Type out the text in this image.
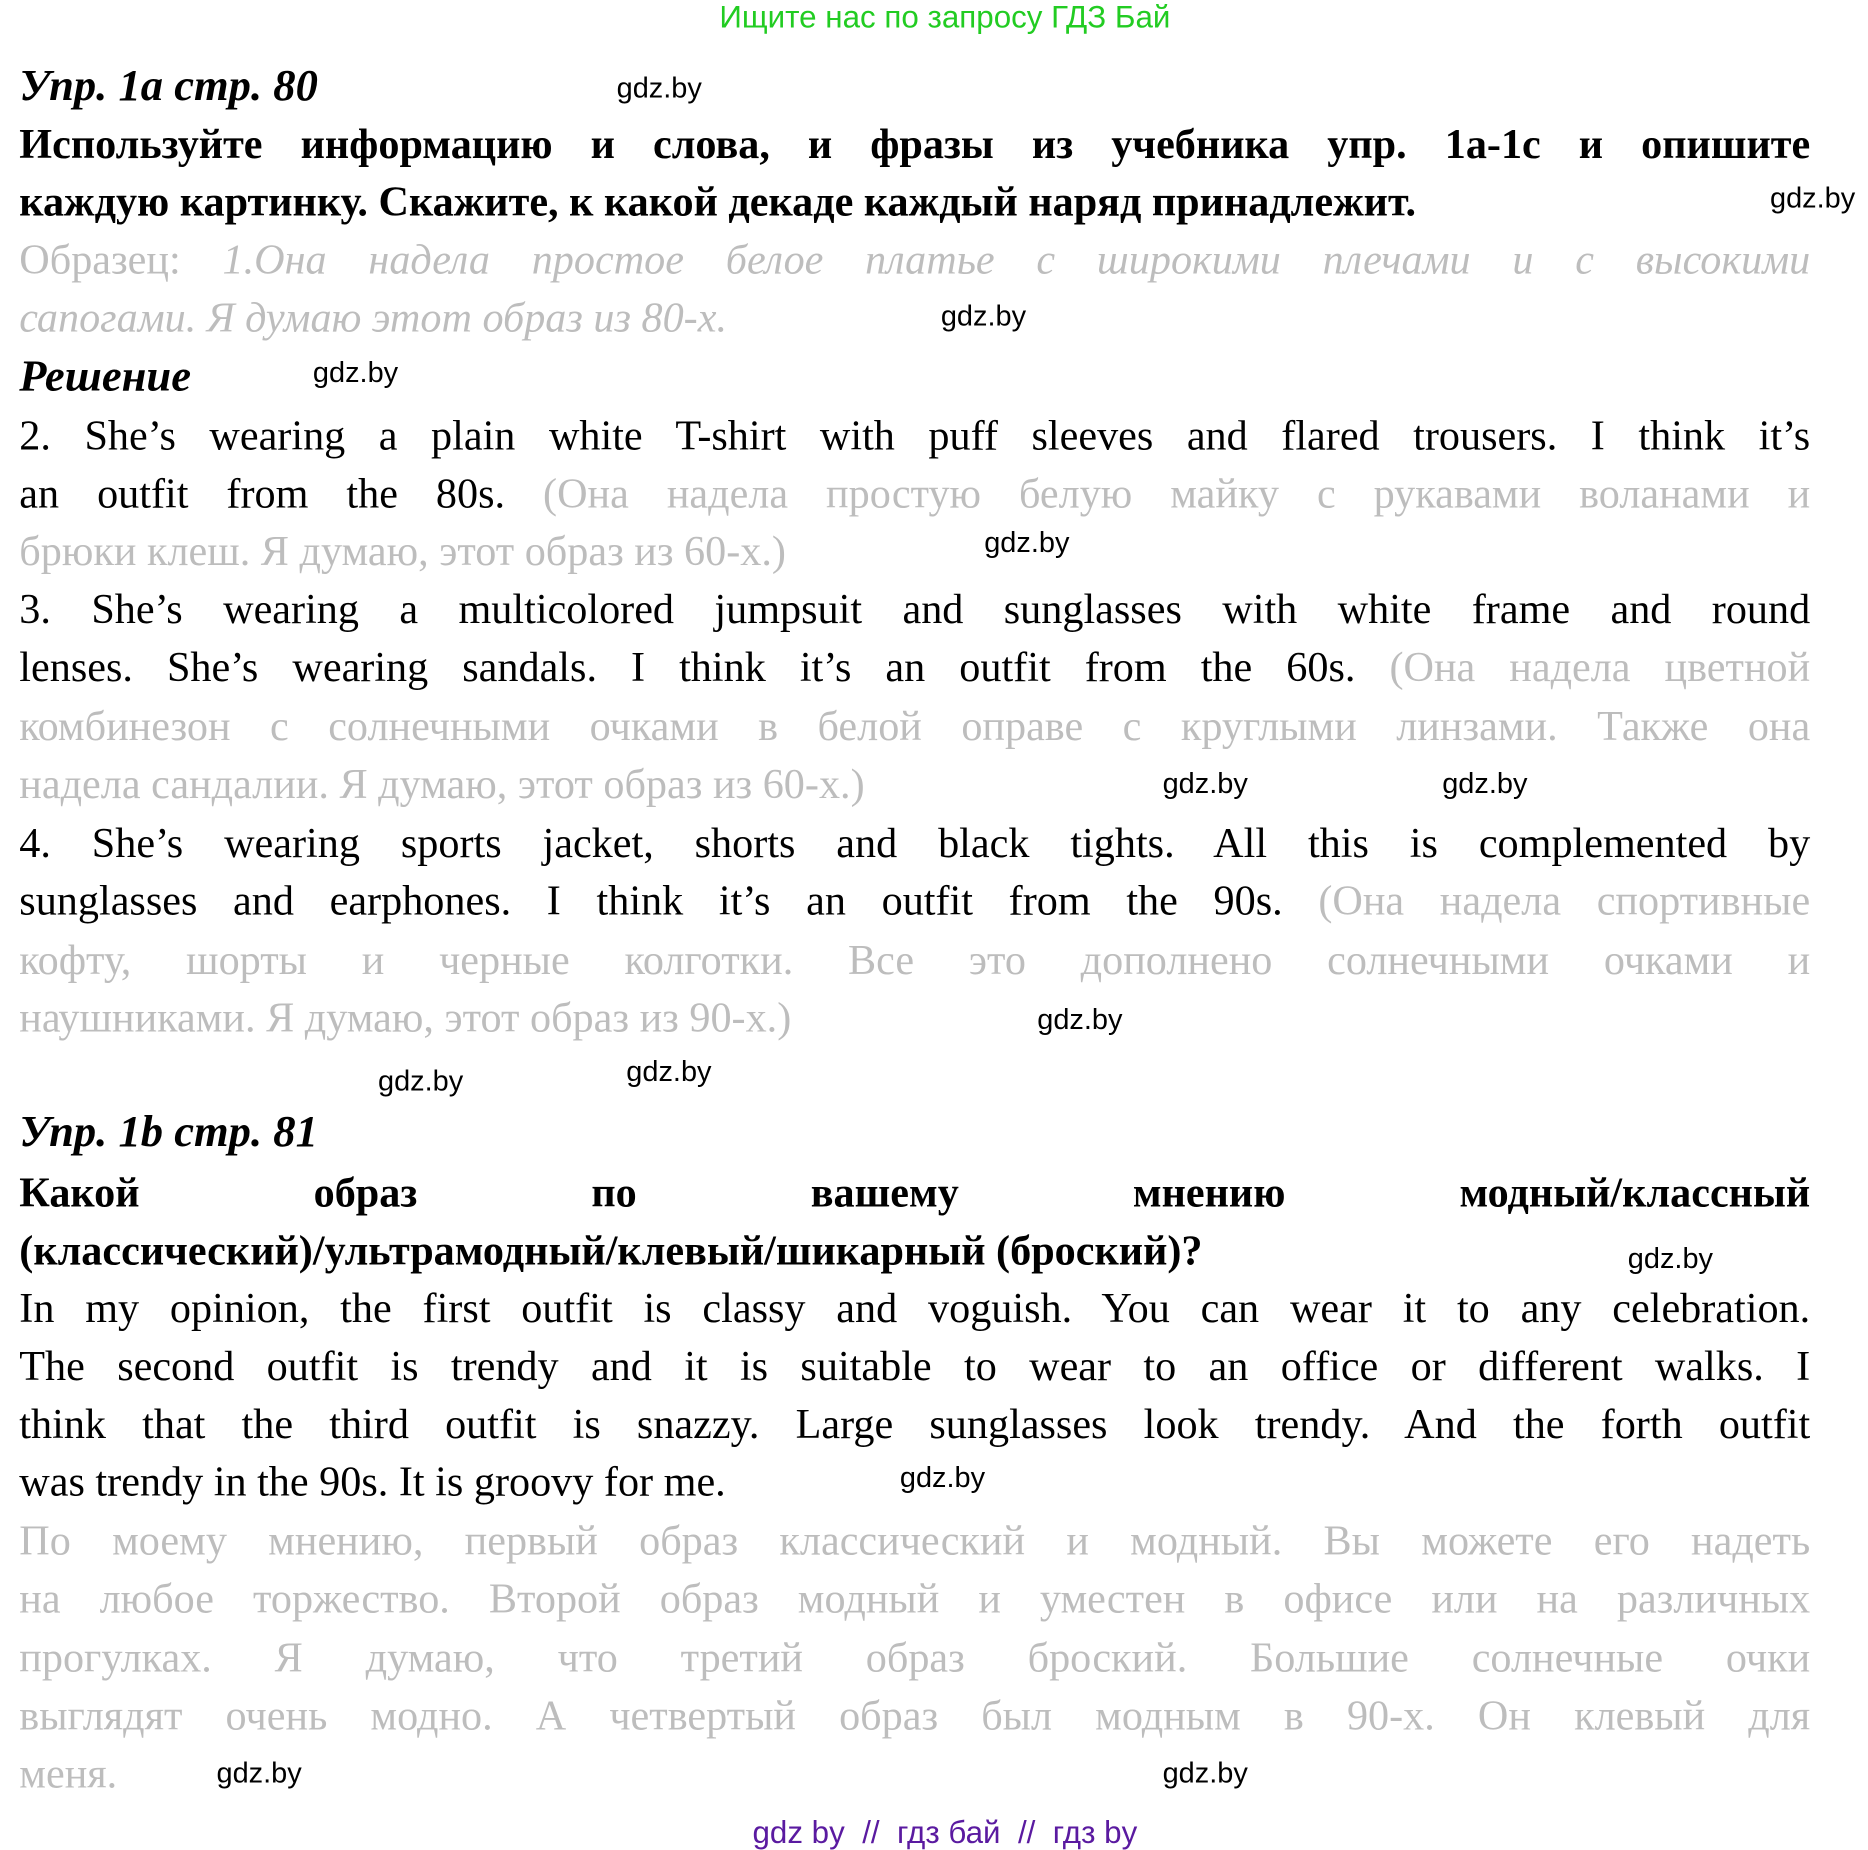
Ищите нас по запросу ГДЗ Бай
Упр. 1a стр. 80
Используйте информацию и слова, и фразы из учебника упр. 1а-1с и опишите
каждую картинку. Скажите, к какой декаде каждый наряд принадлежит.
Образец: 1.Она надела простое белое платье с широкими плечами и с высокими
сапогами. Я думаю этот образ из 80-х.
Решение
2. She’s wearing a plain white T-shirt with puff sleeves and flared trousers. I think it’s
an outfit from the 80s. (Она надела простую белую майку с рукавами воланами и
брюки клеш. Я думаю, этот образ из 60-х.)
3. She’s wearing a multicolored jumpsuit and sunglasses with white frame and round
lenses. She’s wearing sandals. I think it’s an outfit from the 60s. (Она надела цветной
комбинезон с солнечными очками в белой оправе с круглыми линзами. Также она
надела сандалии. Я думаю, этот образ из 60-х.)
4. She’s wearing sports jacket, shorts and black tights. All this is complemented by
sunglasses and earphones. I think it’s an outfit from the 90s. (Она надела спортивные
кофту, шорты и черные колготки. Все это дополнено солнечными очками и
наушниками. Я думаю, этот образ из 90-х.)
Упр. 1b стр. 81
Какой образ по вашему мнению модный/классный
(классический)/ультрамодный/клевый/шикарный (броский)?
In my opinion, the first outfit is classy and voguish. You can wear it to any celebration.
The second outfit is trendy and it is suitable to wear to an office or different walks. I
think that the third outfit is snazzy. Large sunglasses look trendy. And the forth outfit
was trendy in the 90s. It is groovy for me.
По моему мнению, первый образ классический и модный. Вы можете его надеть
на любое торжество. Второй образ модный и уместен в офисе или на различных
прогулках. Я думаю, что третий образ броский. Большие солнечные очки
выглядят очень модно. А четвертый образ был модным в 90-х. Он клевый для
меня.
gdz.by
gdz.by
gdz.by
gdz.by
gdz.by
gdz.by	gdz.by
gdz.by
gdz.by	gdz.by
gdz.by
gdz.by
gdz.by
gdz.by
gdz by  //  гдз бай  //  гдз by
